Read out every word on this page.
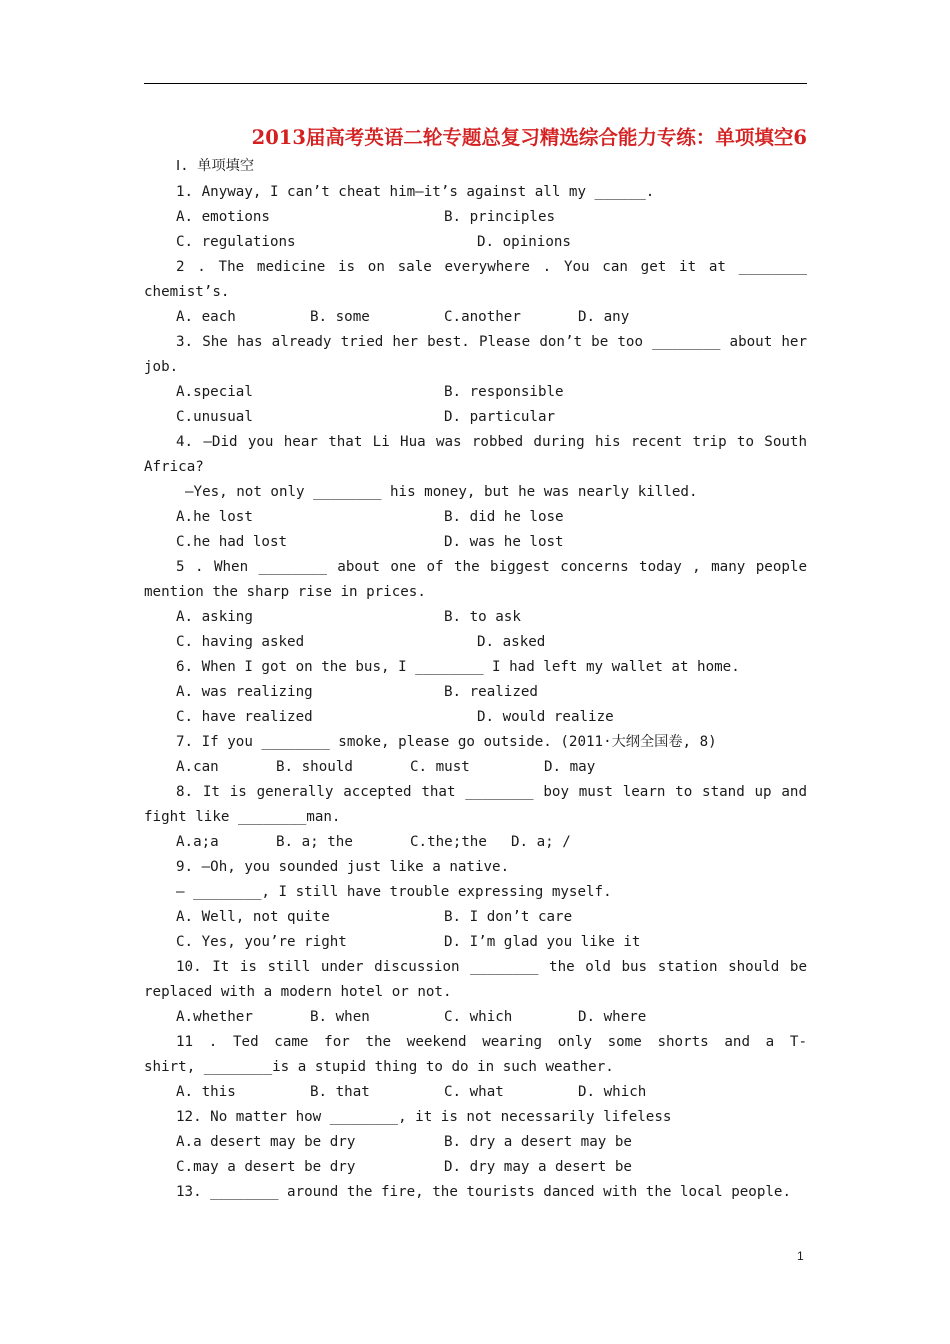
2013届高考英语二轮专题总复习精选综合能力专练：单项填空6
Ⅰ. 单项填空
1. Anyway, I can’t cheat him—it’s against all my ______.
A. emotions	B. principles
C. regulations	D. opinions
2 . The medicine is on sale everywhere . You can get it at ________
chemist’s.
A. each	B. some	C.another	D. any
3. She has already tried her best. Please don’t be too ________ about her
job.
A.special	B. responsible
C.unusual	D. particular
4. —Did you hear that Li Hua was robbed during his recent trip to South
Africa?
—Yes, not only ________ his money, but he was nearly killed.
A.he lost	B. did he lose
C.he had lost	D. was he lost
5 . When ________ about one of the biggest concerns today , many people
mention the sharp rise in prices.
A. asking	B. to ask
C. having asked	D. asked
6. When I got on the bus, I ________ I had left my wallet at home.
A. was realizing	B. realized
C. have realized	D. would realize
7. If you ________ smoke, please go outside. (2011·大纲全国卷, 8)
A.can	B. should	C. must	D. may
8. It is generally accepted that ________ boy must learn to stand up and
fight like ________man.
A.a;a	B. a; the	C.the;the D. a; /
9. —Oh, you sounded just like a native.
— ________, I still have trouble expressing myself.
A. Well, not quite	B. I don’t care
C. Yes, you’re right	D. I’m glad you like it
10. It is still under discussion ________ the old bus station should be
replaced with a modern hotel or not.
A.whether	B. when	C. which	D. where
11 . Ted came for the weekend wearing only some shorts and a T-
shirt, ________is a stupid thing to do in such weather.
A. this	B. that	C. what	D. which
12. No matter how ________, it is not necessarily lifeless
A.a desert may be dry	B. dry a desert may be
C.may a desert be dry	D. dry may a desert be
13. ________ around the fire, the tourists danced with the local people.
1
